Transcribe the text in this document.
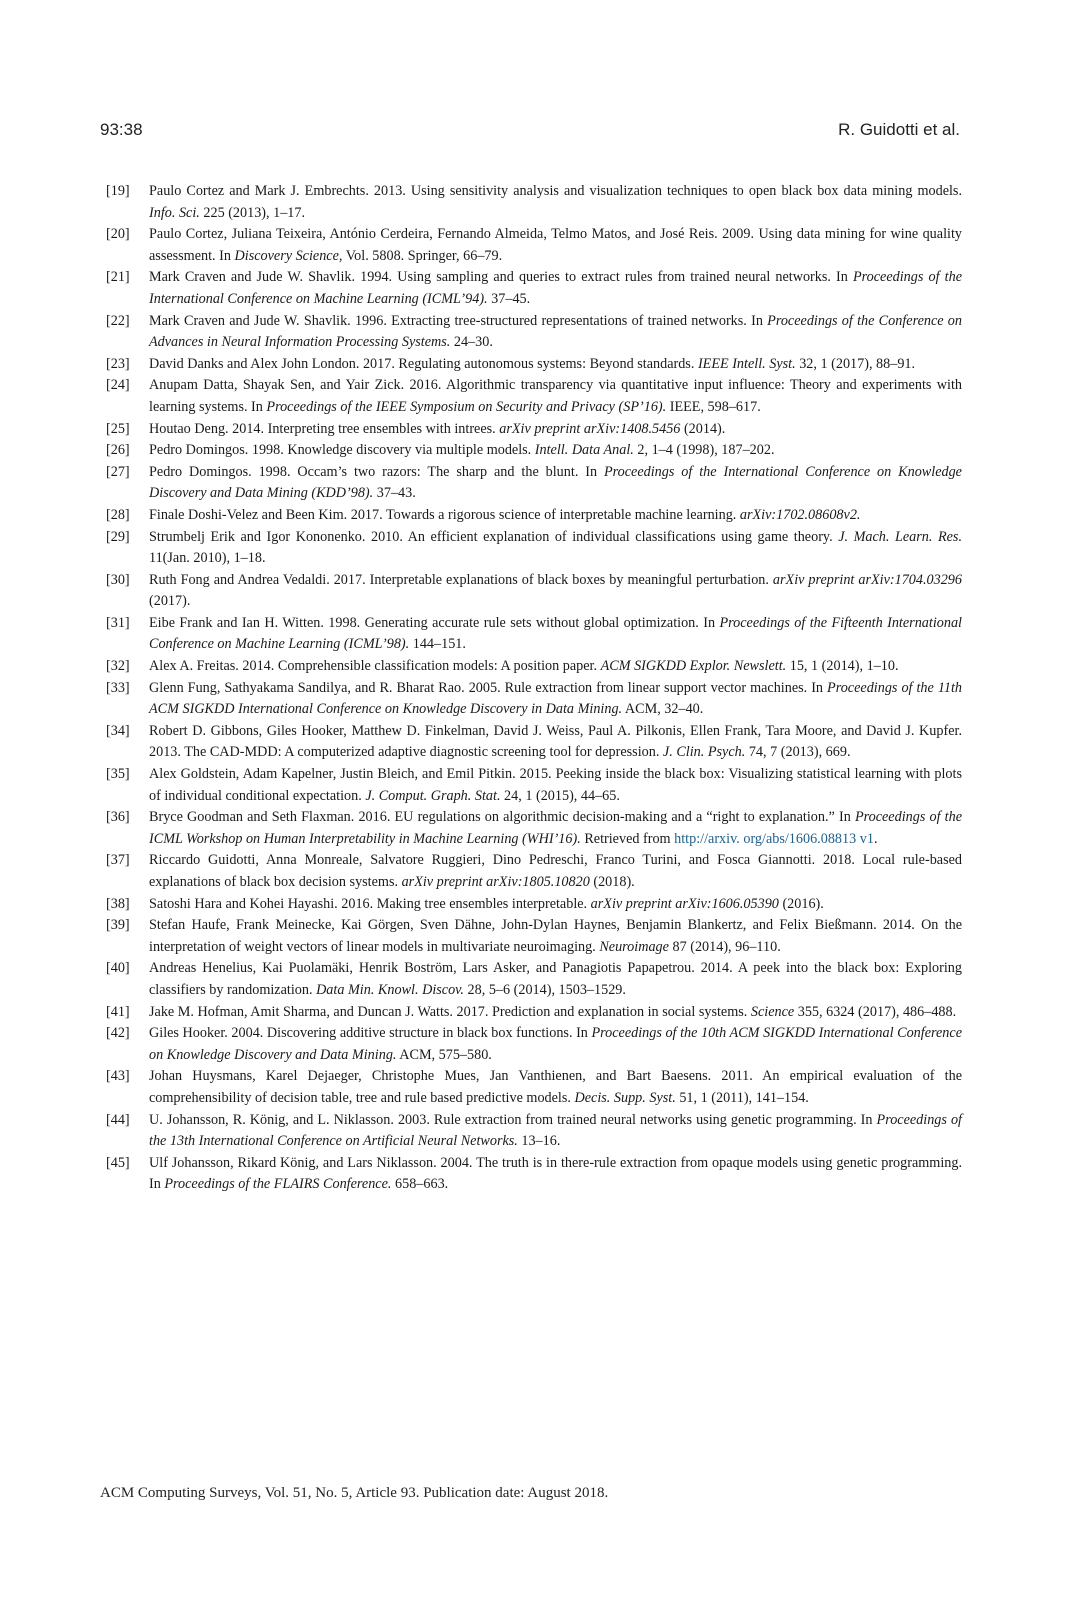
93:38	R. Guidotti et al.
[19] Paulo Cortez and Mark J. Embrechts. 2013. Using sensitivity analysis and visualization techniques to open black box data mining models. Info. Sci. 225 (2013), 1–17.
[20] Paulo Cortez, Juliana Teixeira, António Cerdeira, Fernando Almeida, Telmo Matos, and José Reis. 2009. Using data mining for wine quality assessment. In Discovery Science, Vol. 5808. Springer, 66–79.
[21] Mark Craven and Jude W. Shavlik. 1994. Using sampling and queries to extract rules from trained neural networks. In Proceedings of the International Conference on Machine Learning (ICML’94). 37–45.
[22] Mark Craven and Jude W. Shavlik. 1996. Extracting tree-structured representations of trained networks. In Proceedings of the Conference on Advances in Neural Information Processing Systems. 24–30.
[23] David Danks and Alex John London. 2017. Regulating autonomous systems: Beyond standards. IEEE Intell. Syst. 32, 1 (2017), 88–91.
[24] Anupam Datta, Shayak Sen, and Yair Zick. 2016. Algorithmic transparency via quantitative input influence: Theory and experiments with learning systems. In Proceedings of the IEEE Symposium on Security and Privacy (SP’16). IEEE, 598–617.
[25] Houtao Deng. 2014. Interpreting tree ensembles with intrees. arXiv preprint arXiv:1408.5456 (2014).
[26] Pedro Domingos. 1998. Knowledge discovery via multiple models. Intell. Data Anal. 2, 1–4 (1998), 187–202.
[27] Pedro Domingos. 1998. Occam’s two razors: The sharp and the blunt. In Proceedings of the International Conference on Knowledge Discovery and Data Mining (KDD’98). 37–43.
[28] Finale Doshi-Velez and Been Kim. 2017. Towards a rigorous science of interpretable machine learning. arXiv:1702.08608v2.
[29] Strumbelj Erik and Igor Kononenko. 2010. An efficient explanation of individual classifications using game theory. J. Mach. Learn. Res. 11(Jan. 2010), 1–18.
[30] Ruth Fong and Andrea Vedaldi. 2017. Interpretable explanations of black boxes by meaningful perturbation. arXiv preprint arXiv:1704.03296 (2017).
[31] Eibe Frank and Ian H. Witten. 1998. Generating accurate rule sets without global optimization. In Proceedings of the Fifteenth International Conference on Machine Learning (ICML’98). 144–151.
[32] Alex A. Freitas. 2014. Comprehensible classification models: A position paper. ACM SIGKDD Explor. Newslett. 15, 1 (2014), 1–10.
[33] Glenn Fung, Sathyakama Sandilya, and R. Bharat Rao. 2005. Rule extraction from linear support vector machines. In Proceedings of the 11th ACM SIGKDD International Conference on Knowledge Discovery in Data Mining. ACM, 32–40.
[34] Robert D. Gibbons, Giles Hooker, Matthew D. Finkelman, David J. Weiss, Paul A. Pilkonis, Ellen Frank, Tara Moore, and David J. Kupfer. 2013. The CAD-MDD: A computerized adaptive diagnostic screening tool for depression. J. Clin. Psych. 74, 7 (2013), 669.
[35] Alex Goldstein, Adam Kapelner, Justin Bleich, and Emil Pitkin. 2015. Peeking inside the black box: Visualizing statistical learning with plots of individual conditional expectation. J. Comput. Graph. Stat. 24, 1 (2015), 44–65.
[36] Bryce Goodman and Seth Flaxman. 2016. EU regulations on algorithmic decision-making and a “right to explanation.” In Proceedings of the ICML Workshop on Human Interpretability in Machine Learning (WHI’16). Retrieved from http://arxiv. org/abs/1606.08813 v1.
[37] Riccardo Guidotti, Anna Monreale, Salvatore Ruggieri, Dino Pedreschi, Franco Turini, and Fosca Giannotti. 2018. Local rule-based explanations of black box decision systems. arXiv preprint arXiv:1805.10820 (2018).
[38] Satoshi Hara and Kohei Hayashi. 2016. Making tree ensembles interpretable. arXiv preprint arXiv:1606.05390 (2016).
[39] Stefan Haufe, Frank Meinecke, Kai Görgen, Sven Dähne, John-Dylan Haynes, Benjamin Blankertz, and Felix Bießmann. 2014. On the interpretation of weight vectors of linear models in multivariate neuroimaging. Neuroimage 87 (2014), 96–110.
[40] Andreas Henelius, Kai Puolamäki, Henrik Boström, Lars Asker, and Panagiotis Papapetrou. 2014. A peek into the black box: Exploring classifiers by randomization. Data Min. Knowl. Discov. 28, 5–6 (2014), 1503–1529.
[41] Jake M. Hofman, Amit Sharma, and Duncan J. Watts. 2017. Prediction and explanation in social systems. Science 355, 6324 (2017), 486–488.
[42] Giles Hooker. 2004. Discovering additive structure in black box functions. In Proceedings of the 10th ACM SIGKDD International Conference on Knowledge Discovery and Data Mining. ACM, 575–580.
[43] Johan Huysmans, Karel Dejaeger, Christophe Mues, Jan Vanthienen, and Bart Baesens. 2011. An empirical evaluation of the comprehensibility of decision table, tree and rule based predictive models. Decis. Supp. Syst. 51, 1 (2011), 141–154.
[44] U. Johansson, R. König, and L. Niklasson. 2003. Rule extraction from trained neural networks using genetic programming. In Proceedings of the 13th International Conference on Artificial Neural Networks. 13–16.
[45] Ulf Johansson, Rikard König, and Lars Niklasson. 2004. The truth is in there-rule extraction from opaque models using genetic programming. In Proceedings of the FLAIRS Conference. 658–663.
ACM Computing Surveys, Vol. 51, No. 5, Article 93. Publication date: August 2018.
